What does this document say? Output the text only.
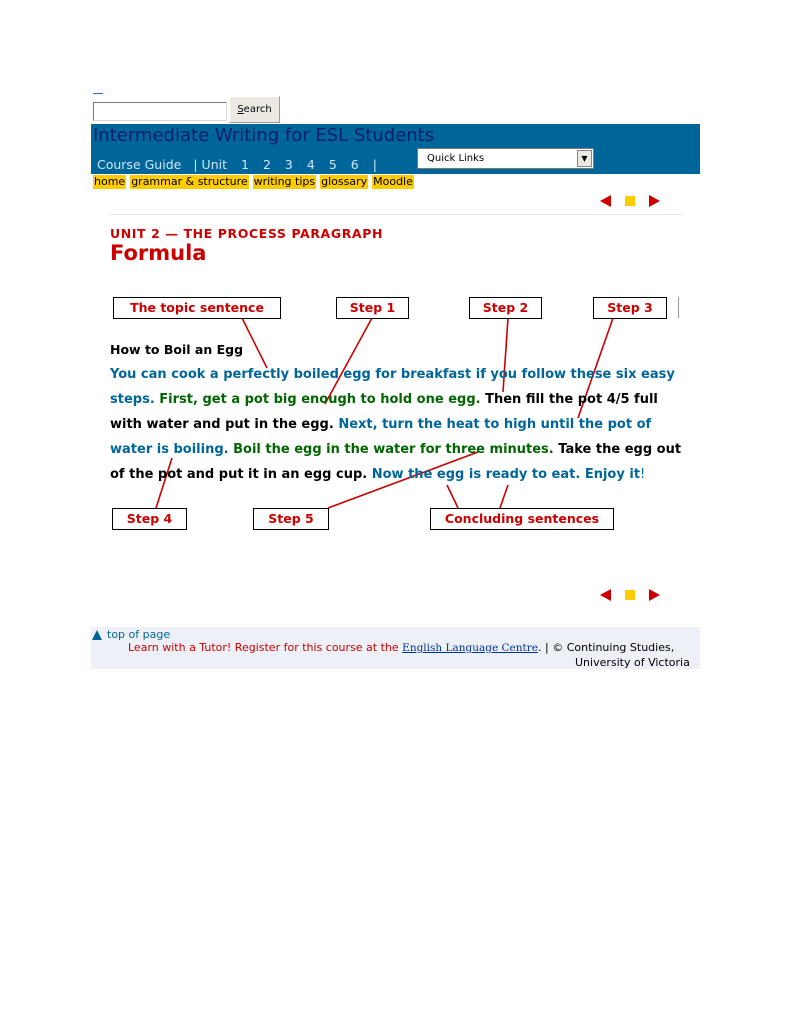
Search
Intermediate Writing for ESL Students
Course Guide | Unit 1 2 3 4 5 6 |	Quick Links	▼
home grammar & structure writing tips glossary Moodle
UNIT 2 — THE PROCESS PARAGRAPH
Formula
The topic sentence	Step 1	Step 2	Step 3
How to Boil an Egg
You can cook a perfectly boiled egg for breakfast if you follow these six easy steps. First, get a pot big enough to hold one egg. Then fill the pot 4/5 full with water and put in the egg. Next, turn the heat to high until the pot of water is boiling. Boil the egg in the water for three minutes. Take the egg out of the pot and put it in an egg cup. Now the egg is ready to eat. Enjoy it!
Step 4	Step 5	Concluding sentences
top of page
Learn with a Tutor! Register for this course at the English Language Centre. | © Continuing Studies,
University of Victoria
